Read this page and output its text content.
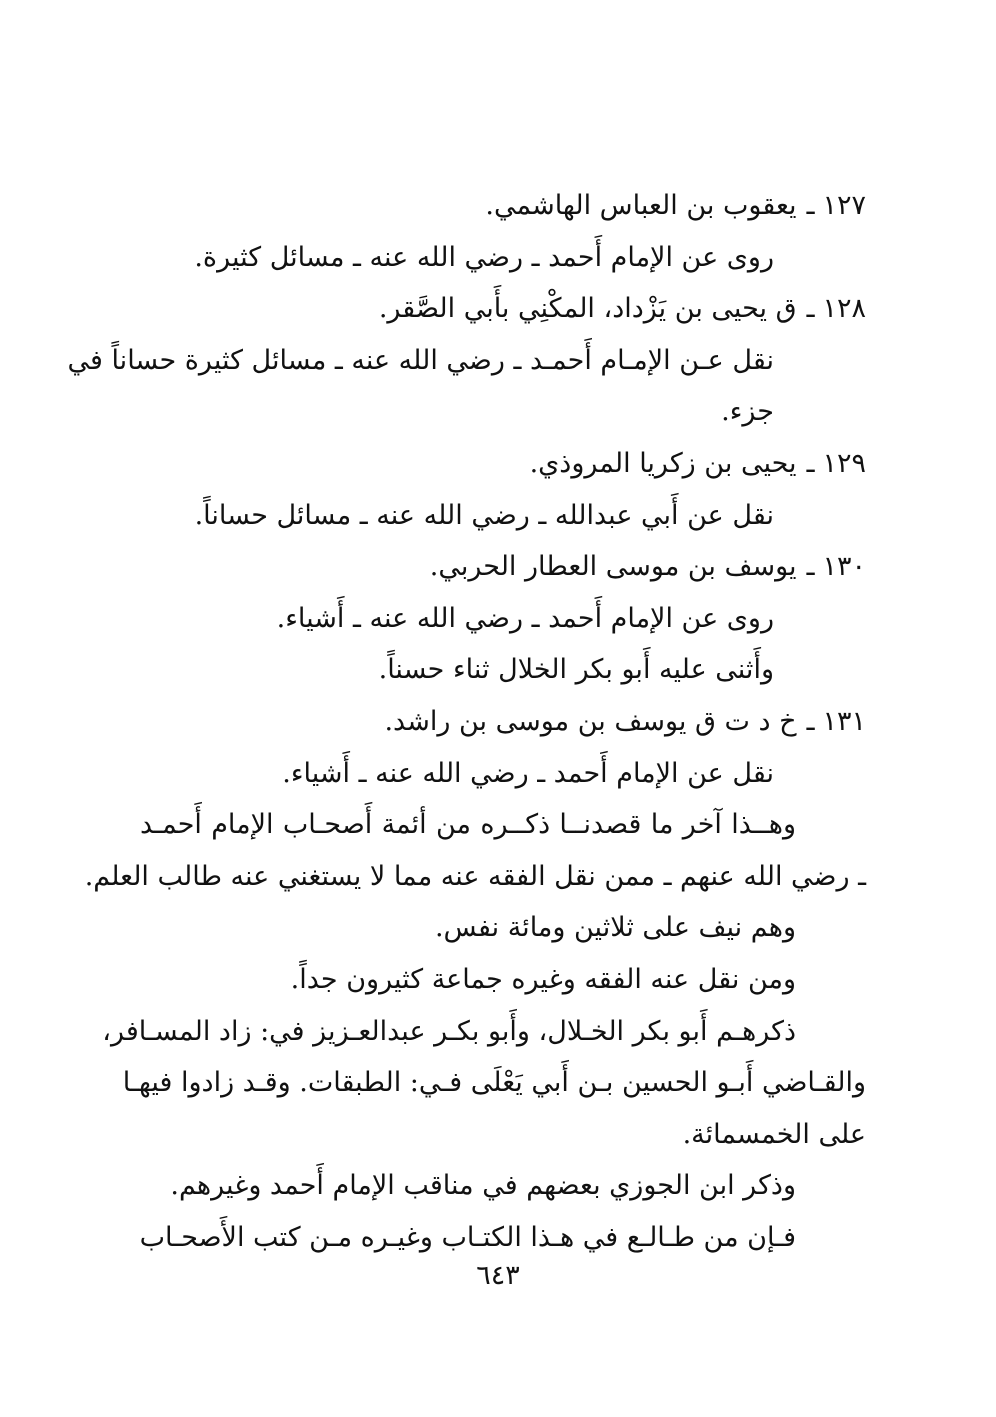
١٢٧ـيعقوب بن العباس الهاشمي.
روى عن الإمام أَحمد ـ رضي الله عنه ـ مسائل كثيرة.
١٢٨ـق يحيى بن يَزْداد، المكْنِي بأَبي الصَّقر.
نقل عـن الإمـام أَحمـد ـ رضي الله عنه ـ مسائل كثيرة حساناً في
جزء.
١٢٩ـيحيى بن زكريا المروذي.
نقل عن أَبي عبدالله ـ رضي الله عنه ـ مسائل حساناً.
١٣٠ـيوسف بن موسى العطار الحربي.
روى عن الإمام أَحمد ـ رضي الله عنه ـ أَشياء.
وأَثنى عليه أَبو بكر الخلال ثناء حسناً.
١٣١ـخ د ت ق يوسف بن موسى بن راشد.
نقل عن الإمام أَحمد ـ رضي الله عنه ـ أَشياء.
وهــذا آخر ما قصدنــا ذكــره من أئمة أَصحـاب الإمام أَحمـد
ـ رضي الله عنهم ـ ممن نقل الفقه عنه مما لا يستغني عنه طالب العلم.
وهم نيف على ثلاثين ومائة نفس.
ومن نقل عنه الفقه وغيره جماعة كثيرون جداً.
ذكرهـم أَبو بكر الخـلال، وأَبو بكـر عبدالعـزيز في: زاد المسـافر،
والقـاضي أَبـو الحسين بـن أَبي يَعْلَى فـي: الطبقات. وقـد زادوا فيهـا
على الخمسمائة.
وذكر ابن الجوزي بعضهم في مناقب الإمام أَحمد وغيرهم.
فـإن من طـالـع في هـذا الكتـاب وغيـره مـن كتب الأَصحـاب
٦٤٣
